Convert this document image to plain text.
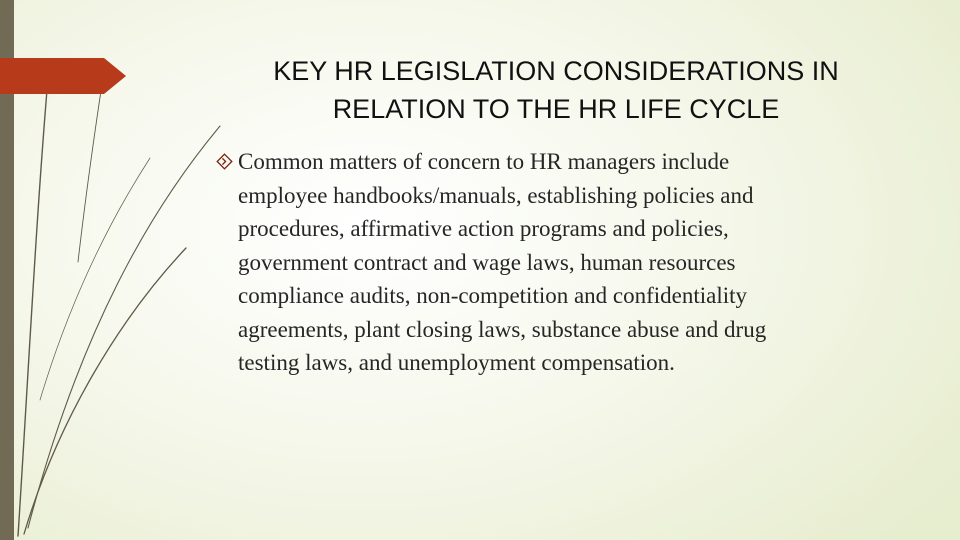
KEY HR LEGISLATION CONSIDERATIONS IN
RELATION TO THE HR LIFE CYCLE

Common matters of concern to HR managers include
employee handbooks/manuals, establishing policies and
procedures, affirmative action programs and policies,
government contract and wage laws, human resources
compliance audits, non-competition and confidentiality
agreements, plant closing laws, substance abuse and drug
testing laws, and unemployment compensation.
